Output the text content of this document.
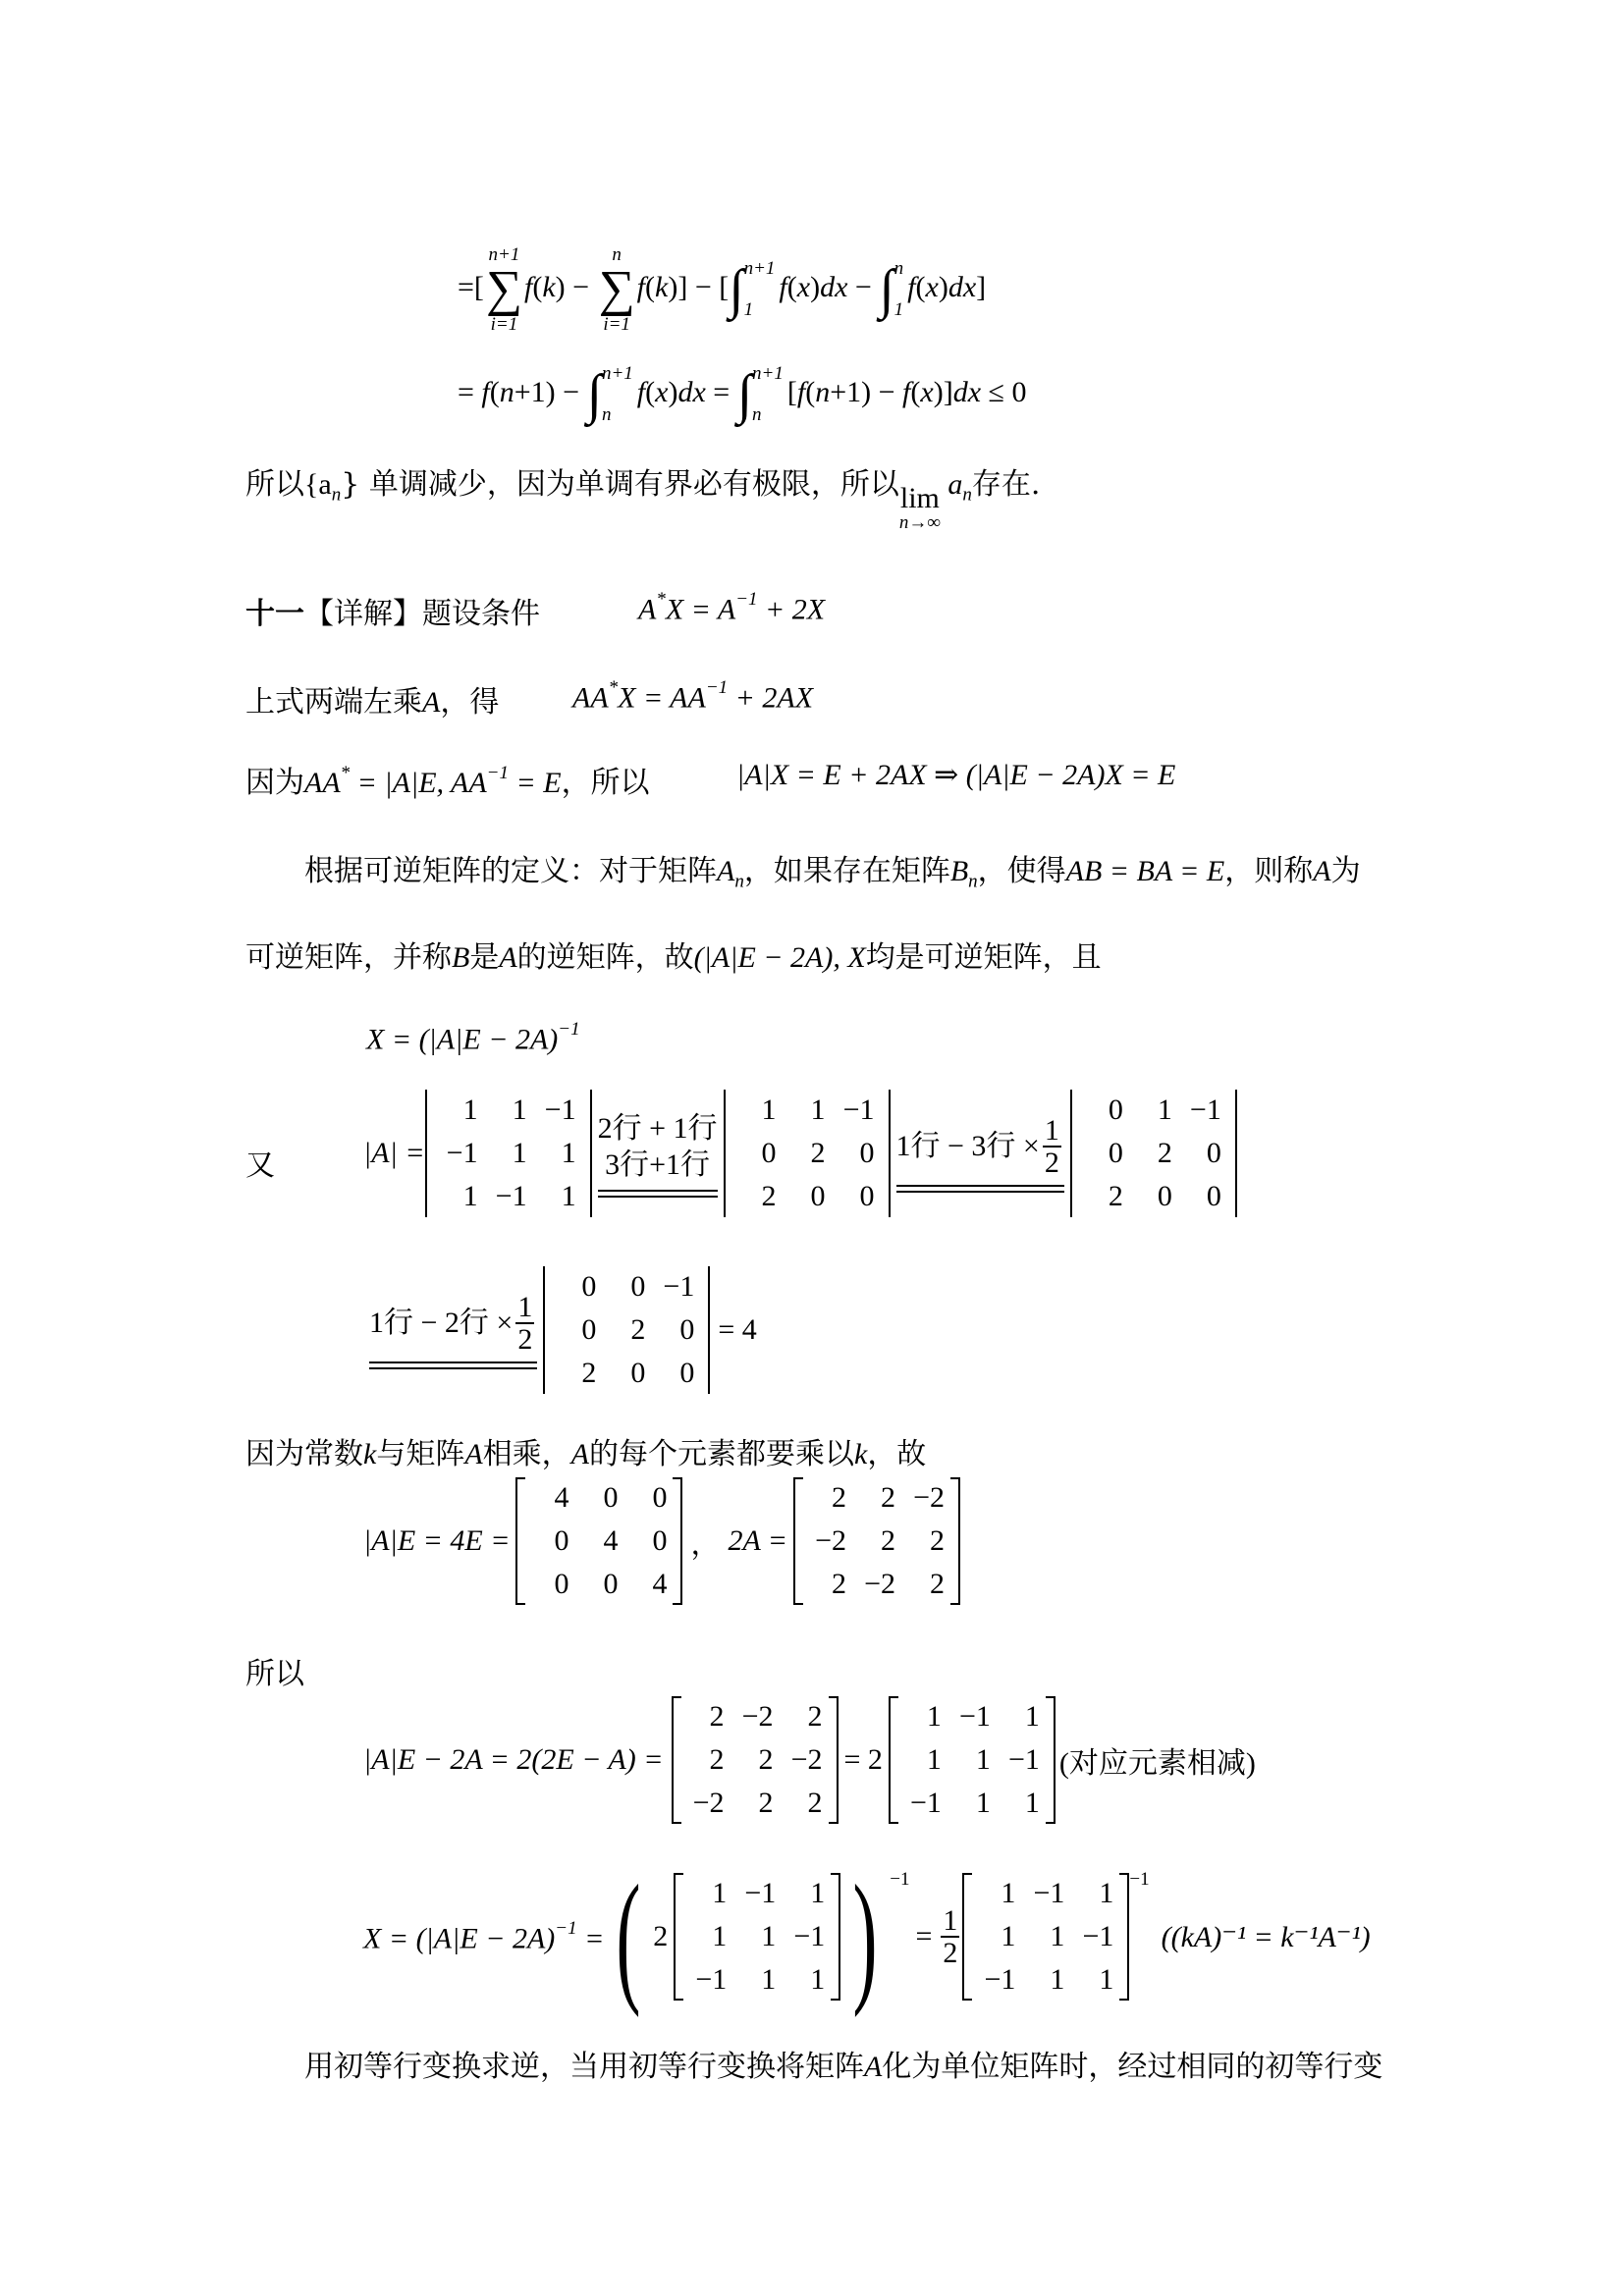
=[
n+1
∑
i=1
f(k) −
n
∑
i=1
f(k)] − [ ∫ n+1
1
f(x)dx − ∫ n
1
f(x)dx]
= f(n+1) − ∫ n+1
n
f(x)dx = ∫ n+1
n
[f(n+1) − f(x)]dx ≤ 0
所以$\{a_n\}$ 单调减少，因为单调有界必有极限，所以 lim
n→∞
$a_n$存在.
十一【详解】题设条件	$A^*X = A^{-1} + 2X$
上式两端左乘A，得 $AA^*X = AA^{-1} + 2AX$
因为AA* = |A|E, $AA^{-1} = E$，所以	|A|X = E + 2AX ⇒ (|A|E − 2A)X = E
根据可逆矩阵的定义：对于矩阵$A_n$，如果存在矩阵$B_n$，使得AB = BA = E，则称A为
可逆矩阵，并称B是A的逆矩阵，故(|A|E − 2A), X均是可逆矩阵，且
$X = (|A|E - 2A)^{-1}$
又	|A| =
1	1 −1
−1	1	1
1 −1	1
2行 + 1行
3行+1行
1	1 −1
0	2	0
2	0	0
1行 − 3行 × $\frac{1}{2}$
0	1 −1
0	2	0
2	0	0
1行 − 2行 × $\frac{1}{2}$
0	0 −1
0	2	0
2	0	0
= 4
因为常数k与矩阵A相乘，A的每个元素都要乘以k，故
|A|E = 4E =
4	0	0
0	4	0
0	0	4
， 2A =
2	2 −2
−2	2	2
2 −2	2
所以
|A|E − 2A = 2(2E − A) =
2 −2	2
2	2 −2
−2	2	2
= 2
1 −1	1
1	1 −1
−1	1	1
(对应元素相减)
$X = (|A|E - 2A)^{-1}$ = ( 2
1 −1	1
1	1 −1
−1	1	1 ) −1
= $\frac{1}{2}$
1 −1	1
1	1 −1
−1	1	1
−1
((kA)⁻¹ = k⁻¹A⁻¹)
用初等行变换求逆，当用初等行变换将矩阵A化为单位矩阵时，经过相同的初等行变
